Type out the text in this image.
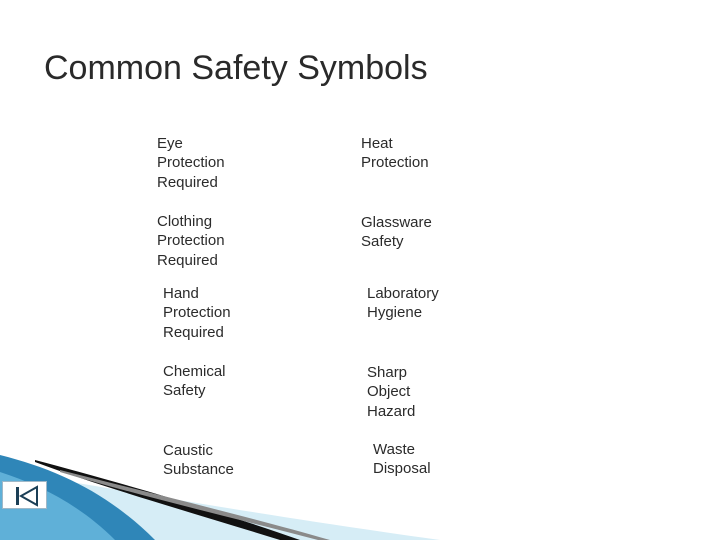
Common Safety Symbols
Eye
Protection
Required
Heat
Protection
Clothing
Protection
Required
Glassware
Safety
Hand
Protection
Required
Laboratory
Hygiene
Chemical
Safety
Sharp
Object
Hazard
Caustic
Substance
Waste
Disposal
